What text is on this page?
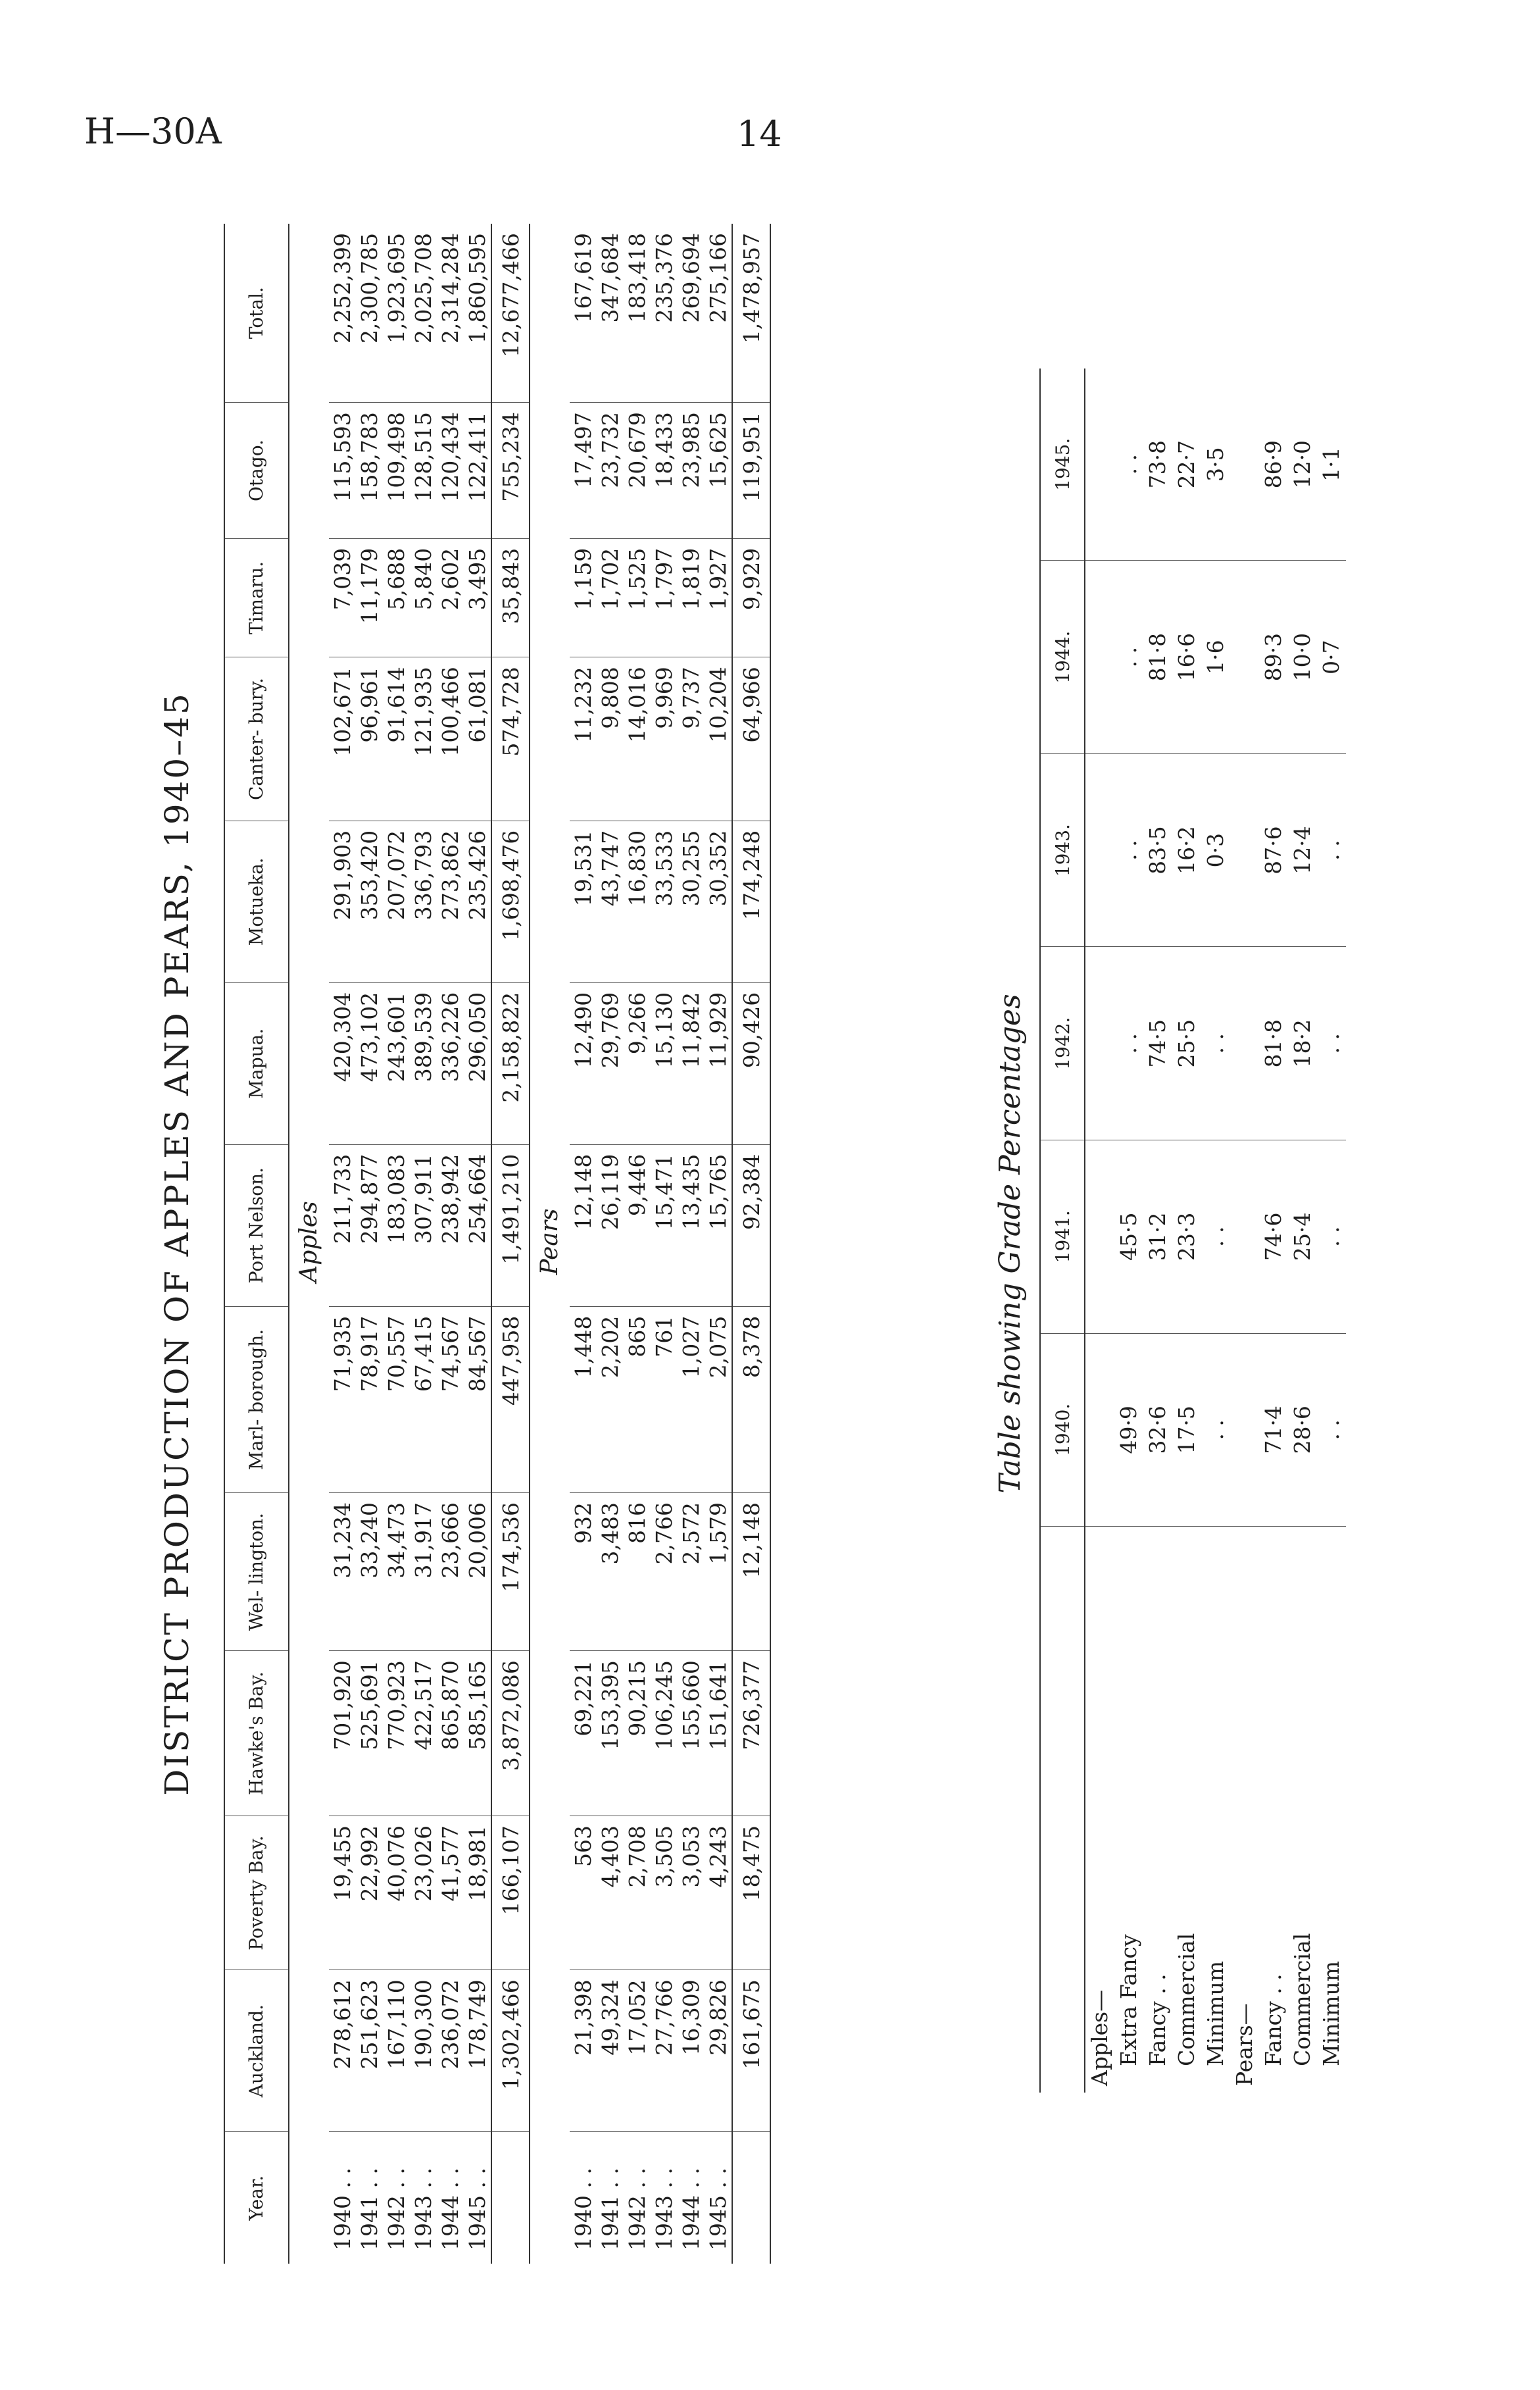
H—30A	14
DISTRICT PRODUCTION OF APPLES AND PEARS, 1940–45
Year.	Auckland.	Poverty Bay.	Hawke's Bay.	Wel- lington.	Marl- borough.	Port Nelson.	Mapua.	Motueka.	Canter- bury.	Timaru.	Otago.	Total.
Apples												
1940 . .	278,612	19,455	701,920	31,234	71,935	211,733	420,304	291,903	102,671	7,039	115,593	2,252,399
1941 . .	251,623	22,992	525,691	33,240	78,917	294,877	473,102	353,420	96,961	11,179	158,783	2,300,785
1942 . .	167,110	40,076	770,923	34,473	70,557	183,083	243,601	207,072	91,614	5,688	109,498	1,923,695
1943 . .	190,300	23,026	422,517	31,917	67,415	307,911	389,539	336,793	121,935	5,840	128,515	2,025,708
1944 . .	236,072	41,577	865,870	23,666	74,567	238,942	336,226	273,862	100,466	2,602	120,434	2,314,284
1945 . .	178,749	18,981	585,165	20,006	84,567	254,664	296,050	235,426	61,081	3,495	122,411	1,860,595
	1,302,466	166,107	3,872,086	174,536	447,958	1,491,210	2,158,822	1,698,476	574,728	35,843	755,234	12,677,466
Pears												
1940 . .	21,398	563	69,221	932	1,448	12,148	12,490	19,531	11,232	1,159	17,497	167,619
1941 . .	49,324	4,403	153,395	3,483	2,202	26,119	29,769	43,747	9,808	1,702	23,732	347,684
1942 . .	17,052	2,708	90,215	816	865	9,446	9,266	16,830	14,016	1,525	20,679	183,418
1943 . .	27,766	3,505	106,245	2,766	761	15,471	15,130	33,533	9,969	1,797	18,433	235,376
1944 . .	16,309	3,053	155,660	2,572	1,027	13,435	11,842	30,255	9,737	1,819	23,985	269,694
1945 . .	29,826	4,243	151,641	1,579	2,075	15,765	11,929	30,352	10,204	1,927	15,625	275,166
	161,675	18,475	726,377	12,148	8,378	92,384	90,426	174,248	64,966	9,929	119,951	1,478,957
Table showing Grade Percentages
	1940.	1941.	1942.	1943.	1944.	1945.
Apples—						
Extra Fancy	49·9	45·5	. .	. .	. .	. .
Fancy . .	32·6	31·2	74·5	83·5	81·8	73·8
Commercial	17·5	23·3	25·5	16·2	16·6	22·7
Minimum	. .	. .	. .	0·3	1·6	3·5
Pears—						
Fancy . .	71·4	74·6	81·8	87·6	89·3	86·9
Commercial	28·6	25·4	18·2	12·4	10·0	12·0
Minimum	. .	. .	. .	. .	0·7	1·1
